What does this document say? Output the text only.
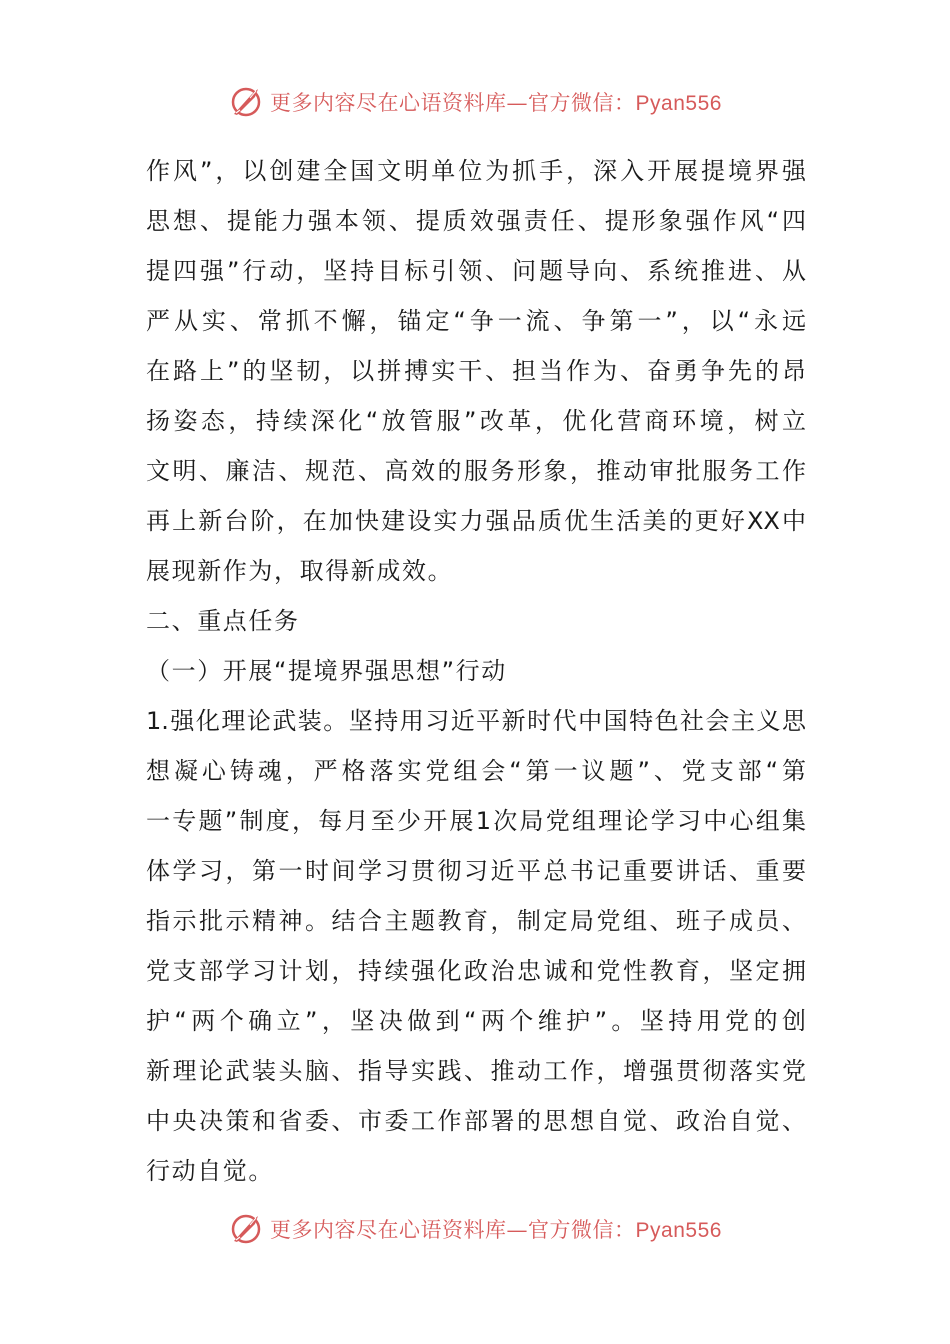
更多内容尽在心语资料库—官方微信：Pyan556
作风”，以创建全国文明单位为抓手，深入开展提境界强
思想、提能力强本领、提质效强责任、提形象强作风“四
提四强”行动，坚持目标引领、问题导向、系统推进、从
严从实、常抓不懈，锚定“争一流、争第一”，以“永远
在路上”的坚韧，以拼搏实干、担当作为、奋勇争先的昂
扬姿态，持续深化“放管服”改革，优化营商环境，树立
文明、廉洁、规范、高效的服务形象，推动审批服务工作
再上新台阶，在加快建设实力强品质优生活美的更好XX中
展现新作为，取得新成效。
二、重点任务
（一）开展“提境界强思想”行动
1.强化理论武装。坚持用习近平新时代中国特色社会主义思
想凝心铸魂，严格落实党组会“第一议题”、党支部“第
一专题”制度，每月至少开展1次局党组理论学习中心组集
体学习，第一时间学习贯彻习近平总书记重要讲话、重要
指示批示精神。结合主题教育，制定局党组、班子成员、
党支部学习计划，持续强化政治忠诚和党性教育，坚定拥
护“两个确立”，坚决做到“两个维护”。坚持用党的创
新理论武装头脑、指导实践、推动工作，增强贯彻落实党
中央决策和省委、市委工作部署的思想自觉、政治自觉、
行动自觉。
更多内容尽在心语资料库—官方微信：Pyan556
